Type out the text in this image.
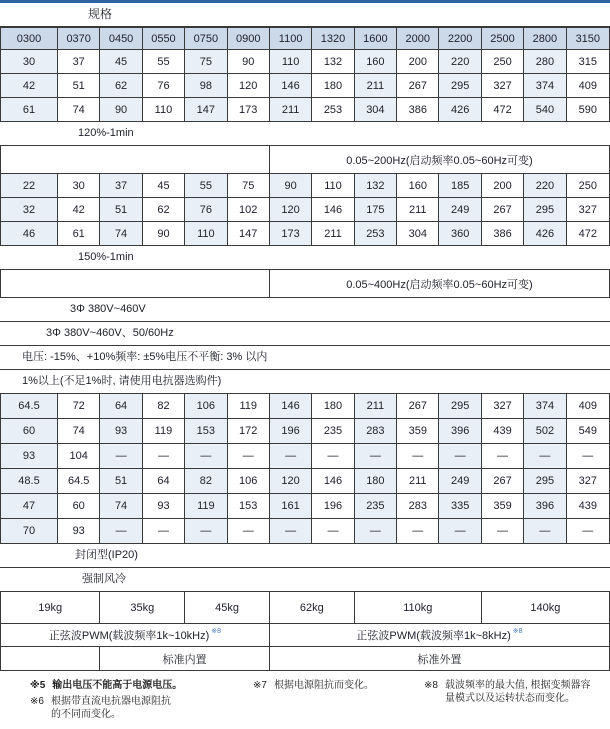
规格
0300 0370 0450 0550 0750 0900 1100 1320 1600 2000 2200 2500 2800 3150
30	37	45	55	75	90 110 132 160 200 220 250 280 315
42	51	62	76	98 120 146 180 211 267 295 327 374 409
61	74	90 110 147 173 211 253 304 386 426 472 540 590
120%-1min
0.05~200Hz(启动频率0.05~60Hz可变)
22	30	37	45	55	75	90 110 132 160 185 200 220 250
32	42	51	62	76 102 120 146 175 211 249 267 295 327
46	61	74	90 110 147 173 211 253 304 360 386 426 472
150%-1min
0.05~400Hz(启动频率0.05~60Hz可变)
3Φ 380V~460V
3Φ 380V~460V、50/60Hz
电压: -15%、+10%频率: ±5%电压不平衡: 3% 以内
1%以上(不足1%时, 请使用电抗器选购件)
64.5	72	64	82 106 119 146 180 211 267 295 327 374 409
60	74	93 119 153 172 196 235 283 359 396 439 502 549
93	104	—	—	—	—	—	—	—	—	—	—	—	—
48.5	64.5 51	64	82 106 120 146 180 211 249 267 295 327
47	60	74	93 119 153 161 196 235 283 335 359 396 439
70	93	—	—	—	—	—	—	—	—	—	—	—	—
封闭型(IP20)
强制风冷
19kg	35kg	45kg	62kg	110kg	140kg
正弦波PWM(载波频率1k~10kHz) ※8	正弦波PWM(载波频率1k~8kHz) ※8
标准内置	标准外置
※5 输出电压不能高于电源电压。	※7 根据电源阻抗而变化。	※8 载波频率的最大值, 根据变频器容量模式以及运转状态而变化。
※6 根据带直流电抗器电源阻抗的不同而变化。
